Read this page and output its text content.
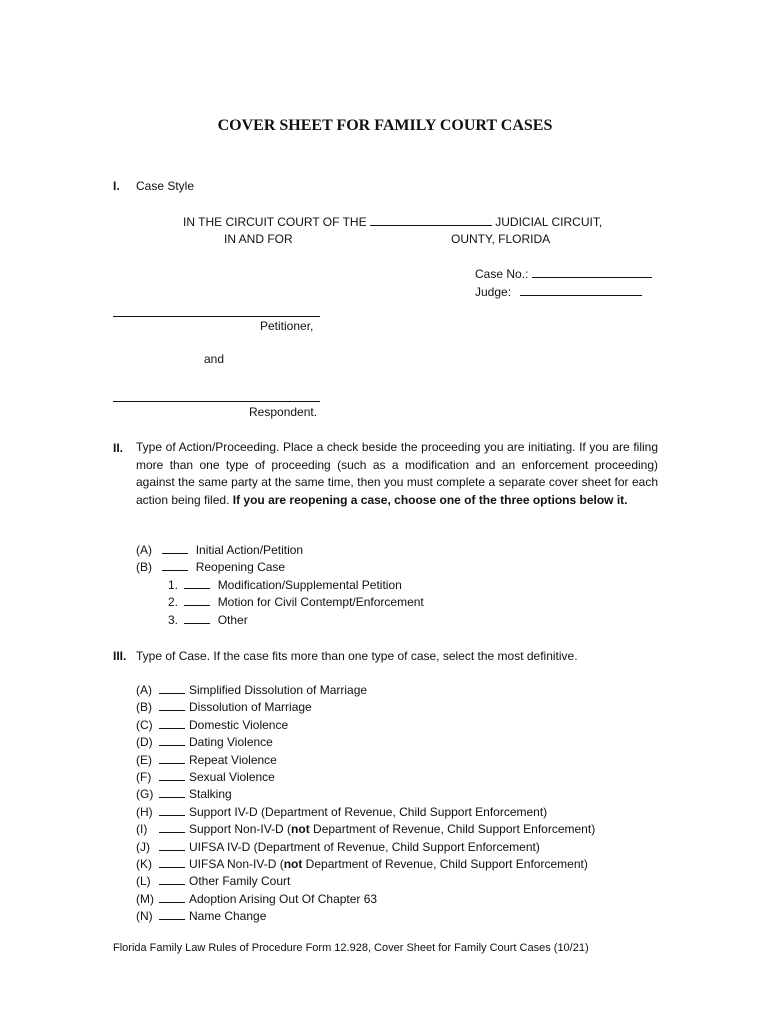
COVER SHEET FOR FAMILY COURT CASES
I. Case Style
IN THE CIRCUIT COURT OF THE	JUDICIAL CIRCUIT,
IN AND FOR	OUNTY, FLORIDA
Case No.:
Judge:
Petitioner,
and
Respondent.
II. Type of Action/Proceeding. Place a check beside the proceeding you are initiating. If you are filing more than one type of proceeding (such as a modification and an enforcement proceeding) against the same party at the same time, then you must complete a separate cover sheet for each action being filed. If you are reopening a case, choose one of the three options below it.
(A)	Initial Action/Petition
(B)	Reopening Case
1.	Modification/Supplemental Petition
2.	Motion for Civil Contempt/Enforcement
3.	Other
III. Type of Case. If the case fits more than one type of case, select the most definitive.
(A)	Simplified Dissolution of Marriage
(B)	Dissolution of Marriage
(C)	Domestic Violence
(D)	Dating Violence
(E)	Repeat Violence
(F)	Sexual Violence
(G)	Stalking
(H)	Support IV-D (Department of Revenue, Child Support Enforcement)
(I)	Support Non-IV-D (not Department of Revenue, Child Support Enforcement)
(J)	UIFSA IV-D (Department of Revenue, Child Support Enforcement)
(K)	UIFSA Non-IV-D (not Department of Revenue, Child Support Enforcement)
(L)	Other Family Court
(M)	Adoption Arising Out Of Chapter 63
(N)	Name Change
Florida Family Law Rules of Procedure Form 12.928, Cover Sheet for Family Court Cases (10/21)
